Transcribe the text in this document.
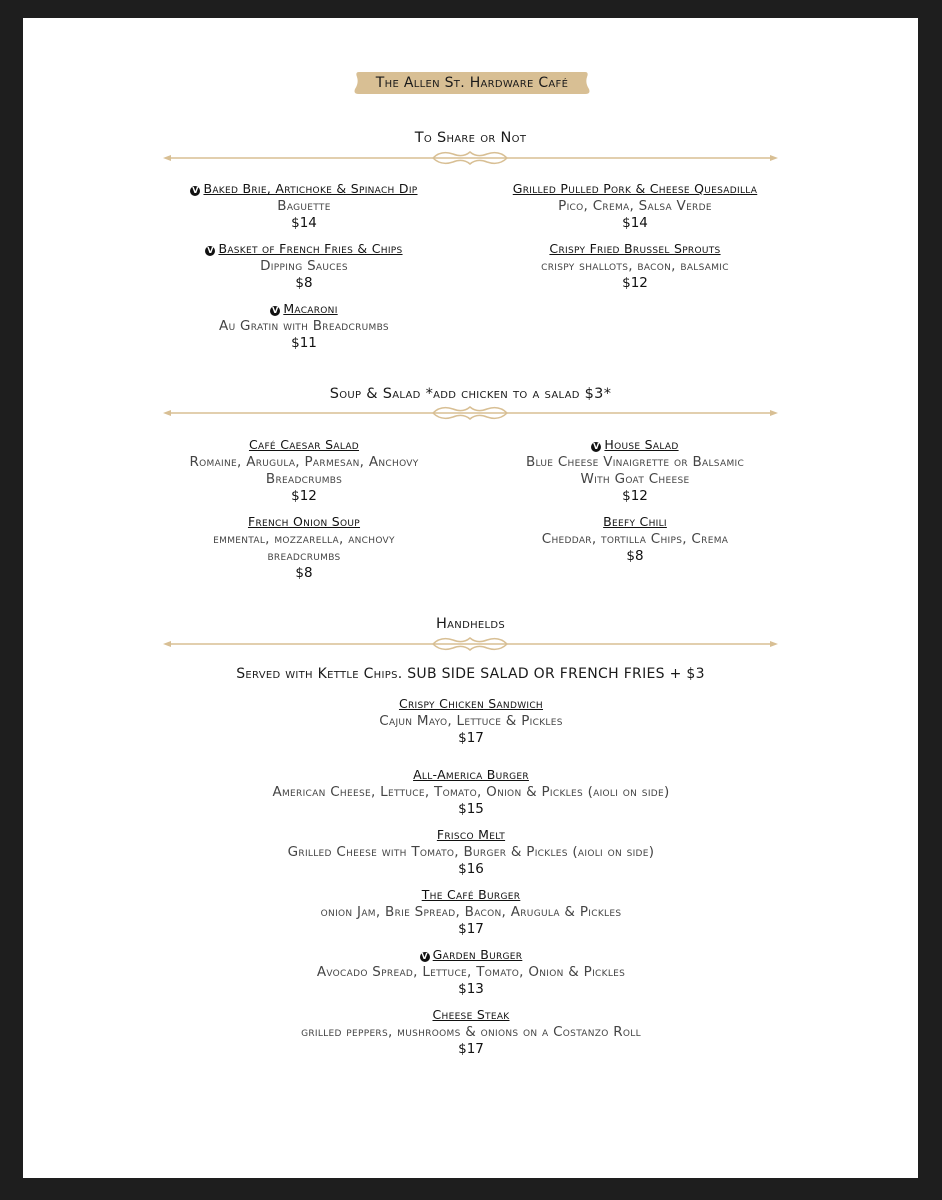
The Allen St. Hardware Café
To Share or Not
V Baked Brie, Artichoke & Spinach Dip
Baguette
$14
Grilled Pulled Pork & Cheese Quesadilla
Pico, Crema, Salsa Verde
$14
V Basket of French Fries & Chips
Dipping Sauces
$8
Crispy Fried Brussel Sprouts
crispy shallots, bacon, balsamic
$12
V Macaroni
Au Gratin with Breadcrumbs
$11
Soup & Salad *add chicken to a salad $3*
Café Caesar Salad
Romaine, Arugula, Parmesan, Anchovy
Breadcrumbs
$12
V House Salad
Blue Cheese Vinaigrette or Balsamic
With Goat Cheese
$12
French Onion Soup
emmental, mozzarella, anchovy
breadcrumbs
$8
Beefy Chili
Cheddar, tortilla Chips, Crema
$8
Handhelds
Served with Kettle Chips. SUB SIDE SALAD OR FRENCH FRIES + $3
Crispy Chicken Sandwich
Cajun Mayo, Lettuce & Pickles
$17
All-America Burger
American Cheese, Lettuce, Tomato, Onion & Pickles (aioli on side)
$15
Frisco Melt
Grilled Cheese with Tomato, Burger & Pickles (aioli on side)
$16
The Café Burger
onion Jam, Brie Spread, Bacon, Arugula & Pickles
$17
V Garden Burger
Avocado Spread, Lettuce, Tomato, Onion & Pickles
$13
Cheese Steak
grilled peppers, mushrooms & onions on a Costanzo Roll
$17
